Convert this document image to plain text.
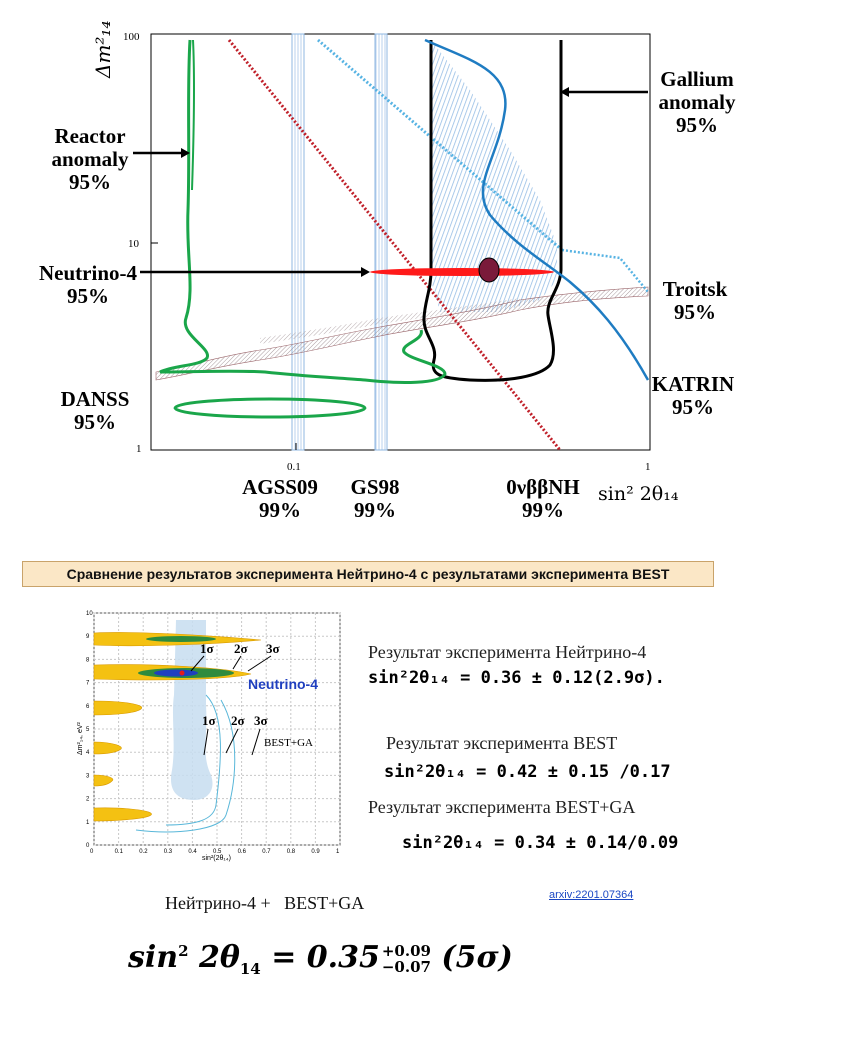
100
10
1
0.1	1
Δm²₁₄
sin² 2θ₁₄
Reactor
anomaly
95%
Neutrino-4
95%
DANSS
95%
Gallium
anomaly
95%
Troitsk
95%
KATRIN
95%
AGSS09
99%
GS98
99%
0νββNH
99%
Сравнение результатов эксперимента Нейтрино-4 с результатами эксперимента BEST
1σ 2σ 3σ
Neutrino-4
1σ 2σ 3σ
BEST+GA
Δm²₁₄, eV²
sin²(2θ₁₄)
0	0.1	0.2	0.3	0.4	0.5	0.6	0.7	0.8	0.9	1
0
1
2
3
4
5
6
7
8
9
10
Результат эксперимента Нейтрино-4
sin²2θ₁₄ = 0.36 ± 0.12(2.9σ).
Результат эксперимента BEST
sin²2θ₁₄ = 0.42 ± 0.15 /0.17
Результат эксперимента BEST+GA
sin²2θ₁₄ = 0.34 ± 0.14/0.09
Нейтрино-4 +   BEST+GA	arxiv:2201.07364
$\sin^2 2\theta_{14} = 0.35 +0.09$
−0.07 (5σ)
